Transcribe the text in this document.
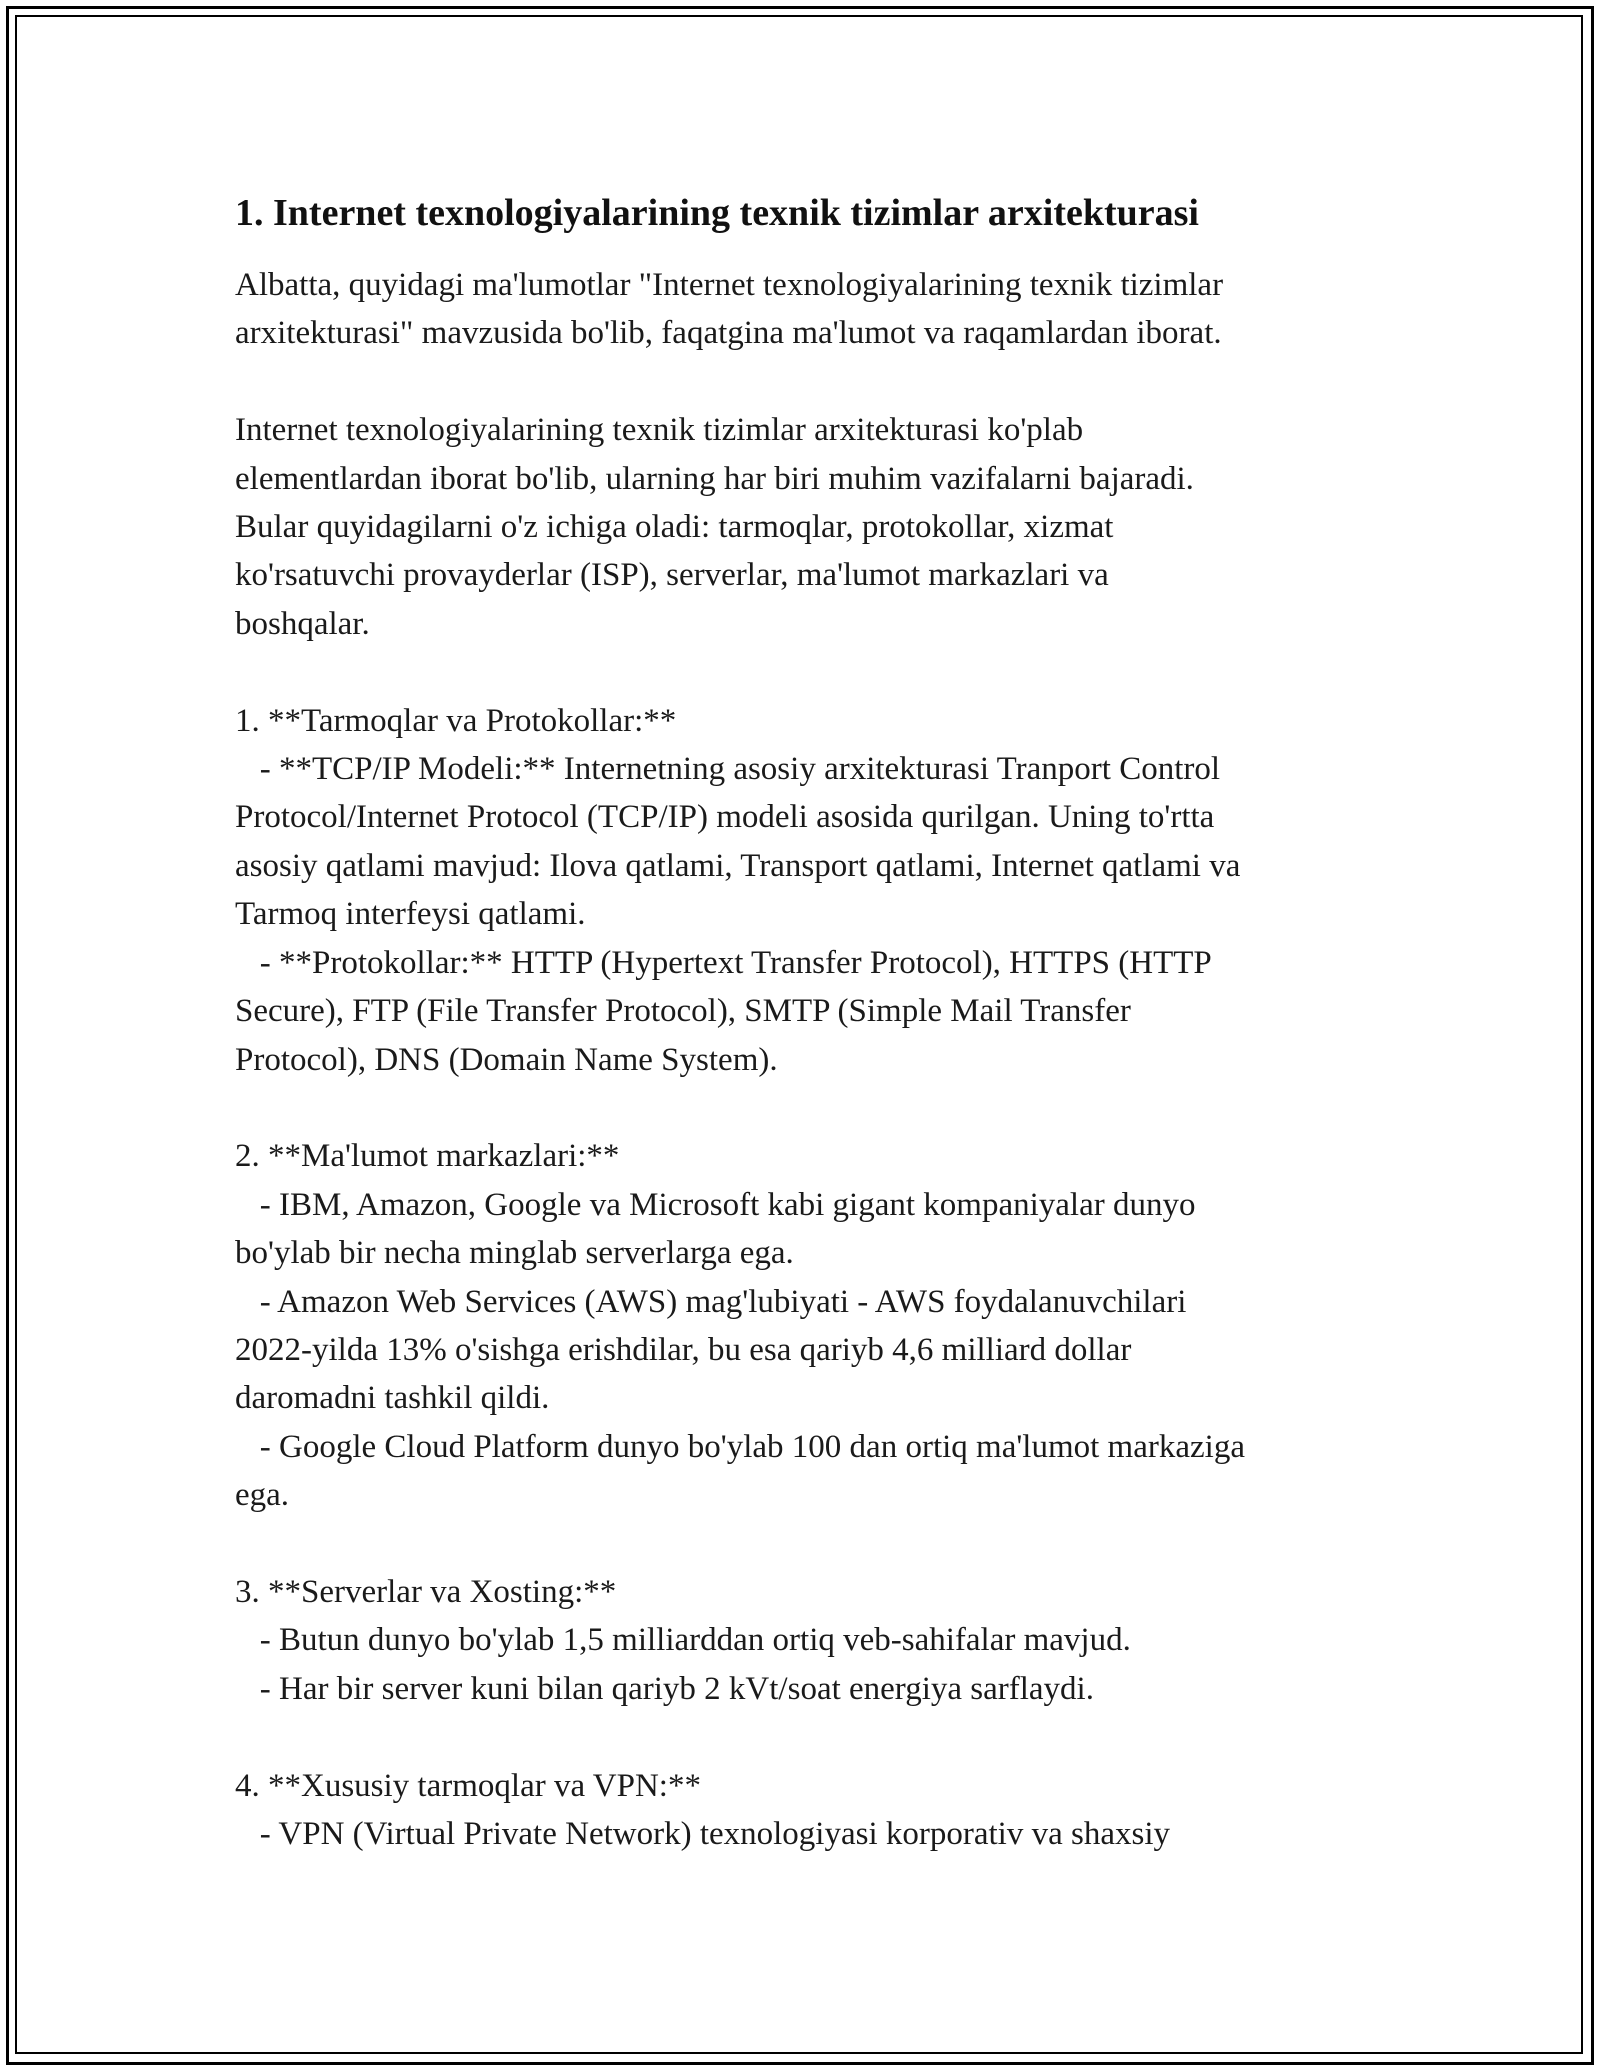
1. Internet texnologiyalarining texnik tizimlar arxitekturasi
Albatta, quyidagi ma'lumotlar "Internet texnologiyalarining texnik tizimlar
arxitekturasi" mavzusida bo'lib, faqatgina ma'lumot va raqamlardan iborat.

Internet texnologiyalarining texnik tizimlar arxitekturasi ko'plab
elementlardan iborat bo'lib, ularning har biri muhim vazifalarni bajaradi.
Bular quyidagilarni o'z ichiga oladi: tarmoqlar, protokollar, xizmat
ko'rsatuvchi provayderlar (ISP), serverlar, ma'lumot markazlari va
boshqalar.

1. **Tarmoqlar va Protokollar:**
- **TCP/IP Modeli:** Internetning asosiy arxitekturasi Tranport Control
Protocol/Internet Protocol (TCP/IP) modeli asosida qurilgan. Uning to'rtta
asosiy qatlami mavjud: Ilova qatlami, Transport qatlami, Internet qatlami va
Tarmoq interfeysi qatlami.
- **Protokollar:** HTTP (Hypertext Transfer Protocol), HTTPS (HTTP
Secure), FTP (File Transfer Protocol), SMTP (Simple Mail Transfer
Protocol), DNS (Domain Name System).

2. **Ma'lumot markazlari:**
- IBM, Amazon, Google va Microsoft kabi gigant kompaniyalar dunyo
bo'ylab bir necha minglab serverlarga ega.
- Amazon Web Services (AWS) mag'lubiyati - AWS foydalanuvchilari
2022-yilda 13% o'sishga erishdilar, bu esa qariyb 4,6 milliard dollar
daromadni tashkil qildi.
- Google Cloud Platform dunyo bo'ylab 100 dan ortiq ma'lumot markaziga
ega.

3. **Serverlar va Xosting:**
- Butun dunyo bo'ylab 1,5 milliarddan ortiq veb-sahifalar mavjud.
- Har bir server kuni bilan qariyb 2 kVt/soat energiya sarflaydi.

4. **Xususiy tarmoqlar va VPN:**
- VPN (Virtual Private Network) texnologiyasi korporativ va shaxsiy
